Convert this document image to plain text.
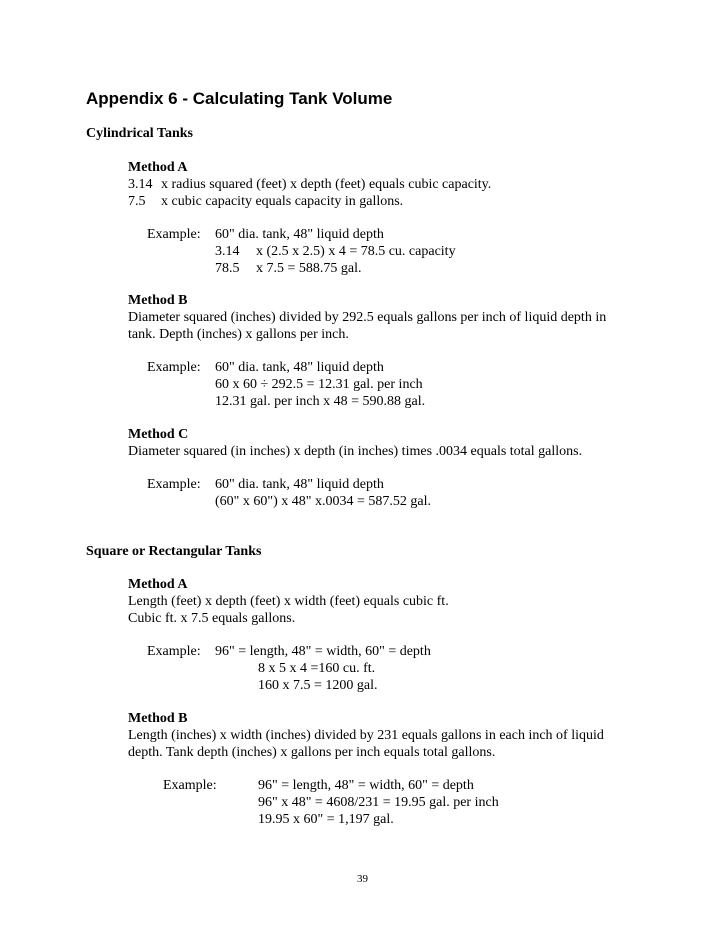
Appendix 6 - Calculating Tank Volume
Cylindrical Tanks
Method A
3.14 x radius squared (feet) x depth (feet) equals cubic capacity.
7.5 x cubic capacity equals capacity in gallons.
Example: 60" dia. tank, 48" liquid depth
3.14 x (2.5 x 2.5) x 4 = 78.5 cu. capacity
78.5 x 7.5 = 588.75 gal.
Method B
Diameter squared (inches) divided by 292.5 equals gallons per inch of liquid depth in
tank. Depth (inches) x gallons per inch.
Example: 60" dia. tank, 48" liquid depth
60 x 60 ÷ 292.5 = 12.31 gal. per inch
12.31 gal. per inch x 48 = 590.88 gal.
Method C
Diameter squared (in inches) x depth (in inches) times .0034 equals total gallons.
Example: 60" dia. tank, 48" liquid depth
(60" x 60") x 48" x.0034 = 587.52 gal.
Square or Rectangular Tanks
Method A
Length (feet) x depth (feet) x width (feet) equals cubic ft.
Cubic ft. x 7.5 equals gallons.
Example: 96" = length, 48" = width, 60" = depth
8 x 5 x 4 =160 cu. ft.
160 x 7.5 = 1200 gal.
Method B
Length (inches) x width (inches) divided by 231 equals gallons in each inch of liquid
depth. Tank depth (inches) x gallons per inch equals total gallons.
Example:	96" = length, 48" = width, 60" = depth
96" x 48" = 4608/231 = 19.95 gal. per inch
19.95 x 60" = 1,197 gal.
39
